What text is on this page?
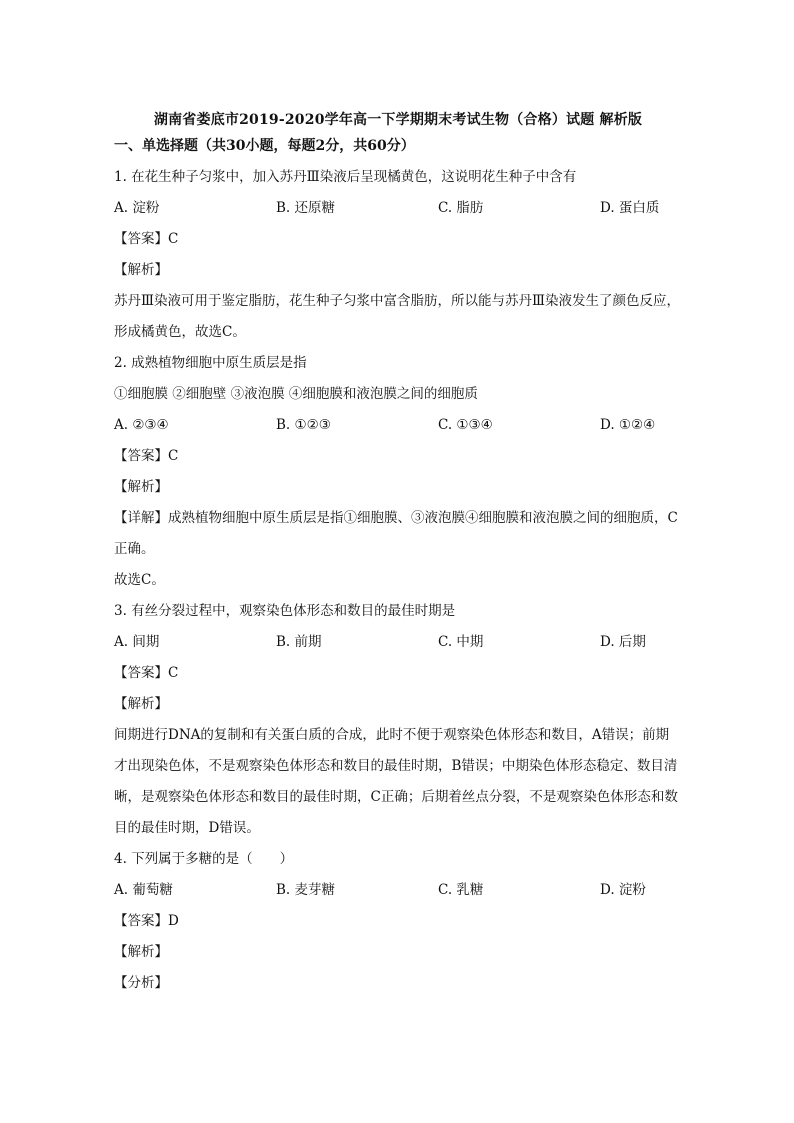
湖南省娄底市2019-2020学年高一下学期期末考试生物（合格）试题 解析版
一、单选择题（共30小题，每题2分，共60分）
1. 在花生种子匀浆中，加入苏丹Ⅲ染液后呈现橘黄色，这说明花生种子中含有
A. 淀粉	B. 还原糖	C. 脂肪	D. 蛋白质
【答案】C
【解析】
苏丹Ⅲ染液可用于鉴定脂肪，花生种子匀浆中富含脂肪，所以能与苏丹Ⅲ染液发生了颜色反应，形成橘黄色，故选C。
2. 成熟植物细胞中原生质层是指
①细胞膜 ②细胞壁 ③液泡膜 ④细胞膜和液泡膜之间的细胞质
A. ②③④	B. ①②③	C. ①③④	D. ①②④
【答案】C
【解析】
【详解】成熟植物细胞中原生质层是指①细胞膜、③液泡膜④细胞膜和液泡膜之间的细胞质，C正确。
故选C。
3. 有丝分裂过程中，观察染色体形态和数目的最佳时期是
A. 间期	B. 前期	C. 中期	D. 后期
【答案】C
【解析】
间期进行DNA的复制和有关蛋白质的合成，此时不便于观察染色体形态和数目，A错误；前期才出现染色体，不是观察染色体形态和数目的最佳时期，B错误；中期染色体形态稳定、数目清晰，是观察染色体形态和数目的最佳时期，C正确；后期着丝点分裂，不是观察染色体形态和数目的最佳时期，D错误。
4. 下列属于多糖的是（　　）
A. 葡萄糖	B. 麦芽糖	C. 乳糖	D. 淀粉
【答案】D
【解析】
【分析】
